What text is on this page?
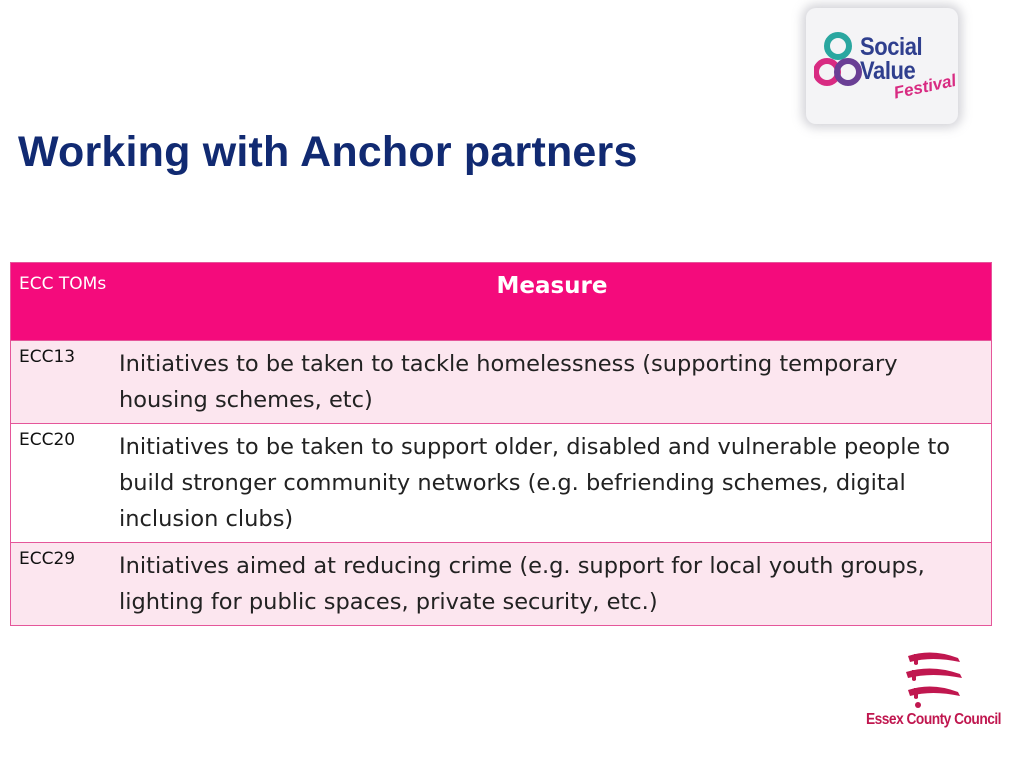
Social
Value
Festival
Working with Anchor partners
ECC TOMs	Measure
ECC13	Initiatives to be taken to tackle homelessness (supporting temporary housing schemes, etc)
ECC20	Initiatives to be taken to support older, disabled and vulnerable people to build stronger community networks (e.g. befriending schemes, digital inclusion clubs)
ECC29	Initiatives aimed at reducing crime (e.g. support for local youth groups, lighting for public spaces, private security, etc.)
Essex County Council
